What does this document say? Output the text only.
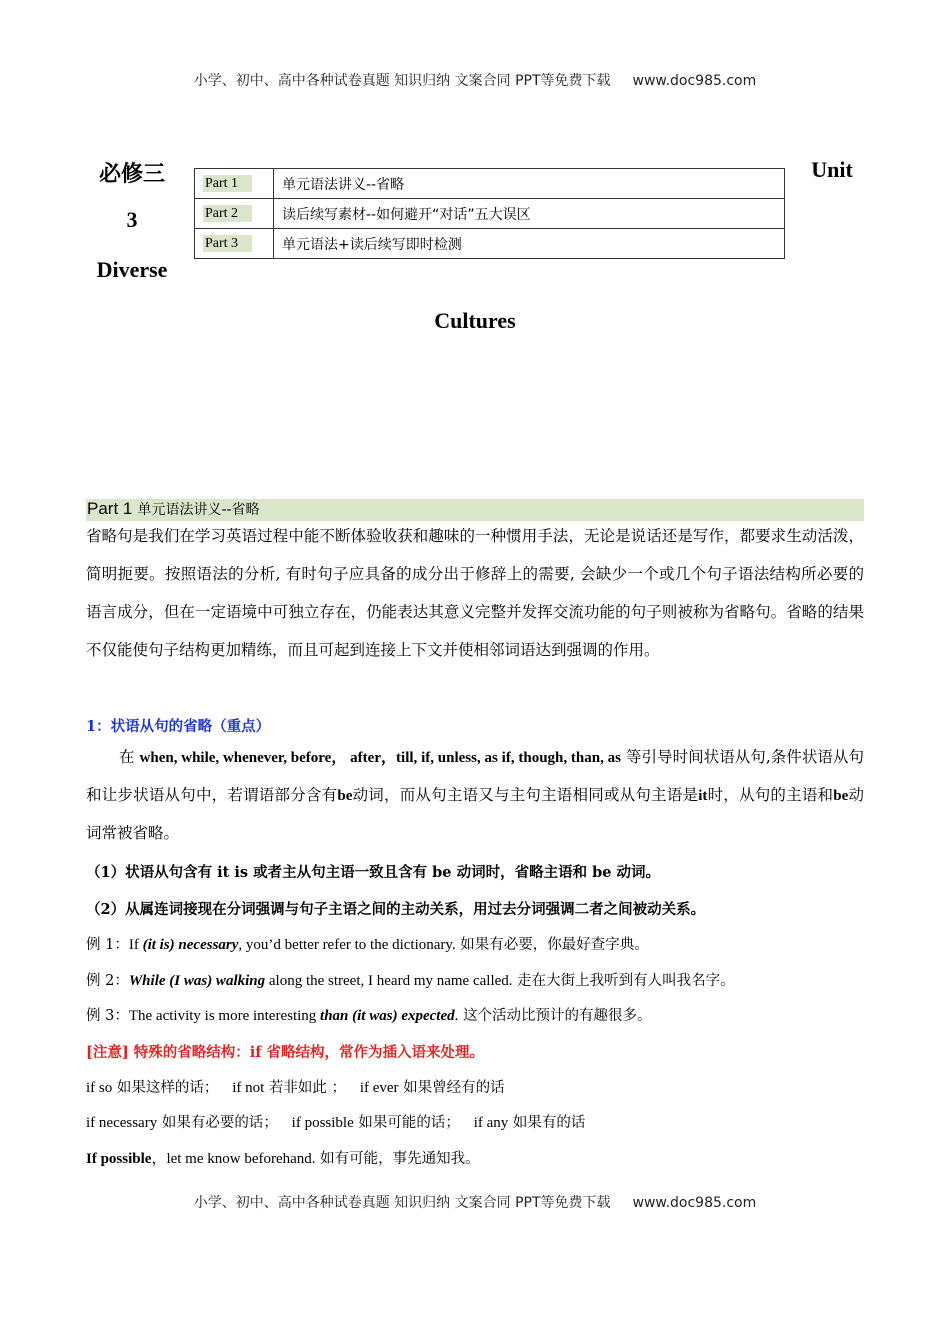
小学、初中、高中各种试卷真题 知识归纳 文案合同 PPT等免费下载 www.doc985.com
必修三
3
Diverse
Unit
Cultures
Part 1	单元语法讲义--省略
Part 2	读后续写素材--如何避开“对话”五大误区
Part 3	单元语法+读后续写即时检测
Part 1 单元语法讲义--省略
省略句是我们在学习英语过程中能不断体验收获和趣味的一种惯用手法，无论是说话还是写作，都要求生动活泼，简明扼要。按照语法的分析, 有时句子应具备的成分出于修辞上的需要, 会缺少一个或几个句子语法结构所必要的语言成分，但在一定语境中可独立存在，仍能表达其意义完整并发挥交流功能的句子则被称为省略句。省略的结果不仅能使句子结构更加精练，而且可起到连接上下文并使相邻词语达到强调的作用。
1：状语从句的省略（重点）
在 when, while, whenever, before， after，till, if, unless, as if, though, than, as 等引导时间状语从句,条件状语从句和让步状语从句中，若谓语部分含有be动词，而从句主语又与主句主语相同或从句主语是it时，从句的主语和be动词常被省略。
（1）状语从句含有 it is 或者主从句主语一致且含有 be 动词时，省略主语和 be 动词。
（2）从属连词接现在分词强调与句子主语之间的主动关系，用过去分词强调二者之间被动关系。
例 1：If (it is) necessary, you’d better refer to the dictionary. 如果有必要，你最好查字典。
例 2：While (I was) walking along the street, I heard my name called. 走在大街上我听到有人叫我名字。
例 3：The activity is more interesting than (it was) expected. 这个活动比预计的有趣很多。
[注意] 特殊的省略结构：if 省略结构，常作为插入语来处理。
if so 如果这样的话； if not 若非如此 ； if ever 如果曾经有的话
if necessary 如果有必要的话； if possible 如果可能的话； if any 如果有的话
If possible，let me know beforehand. 如有可能，事先通知我。
小学、初中、高中各种试卷真题 知识归纳 文案合同 PPT等免费下载 www.doc985.com
